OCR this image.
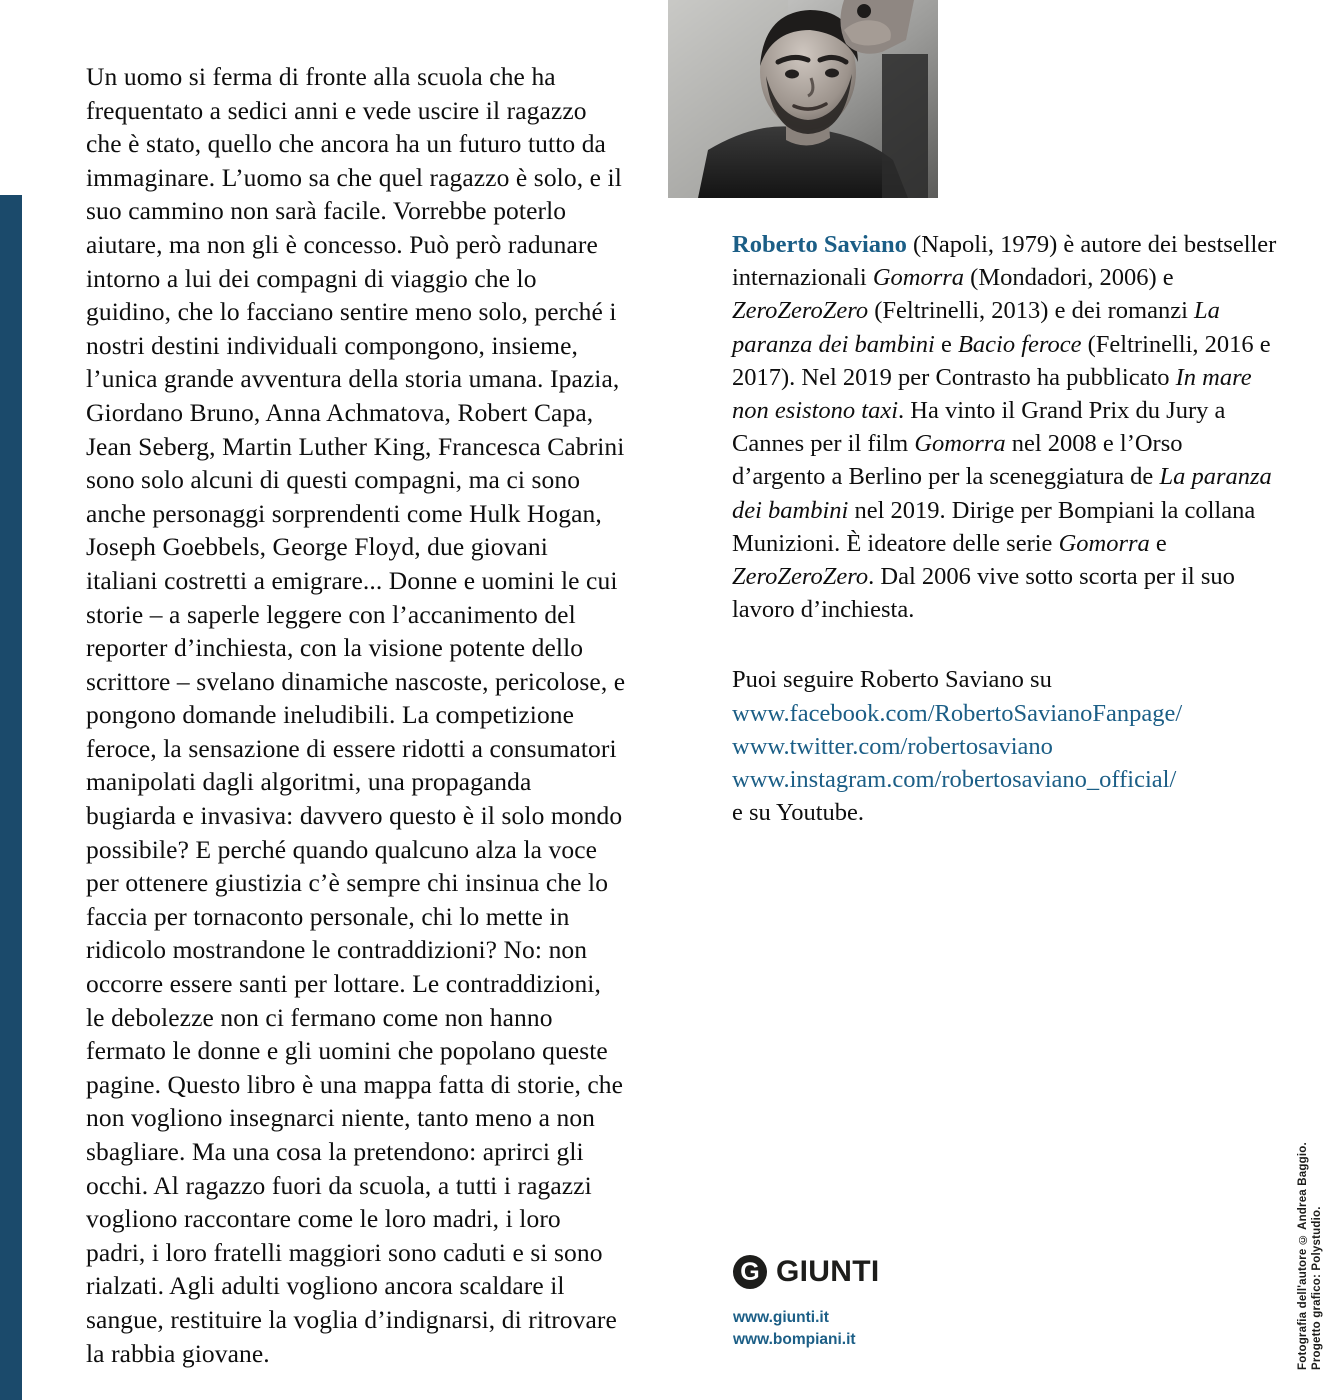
Un uomo si ferma di fronte alla scuola che ha frequentato a sedici anni e vede uscire il ragazzo che è stato, quello che ancora ha un futuro tutto da immaginare. L’uomo sa che quel ragazzo è solo, e il suo cammino non sarà facile. Vorrebbe poterlo aiutare, ma non gli è concesso. Può però radunare intorno a lui dei compagni di viaggio che lo guidino, che lo facciano sentire meno solo, perché i nostri destini individuali compongono, insieme, l’unica grande avventura della storia umana. Ipazia, Giordano Bruno, Anna Achmatova, Robert Capa, Jean Seberg, Martin Luther King, Francesca Cabrini sono solo alcuni di questi compagni, ma ci sono anche personaggi sorprendenti come Hulk Hogan, Joseph Goebbels, George Floyd, due giovani italiani costretti a emigrare... Donne e uomini le cui storie – a saperle leggere con l’accanimento del reporter d’inchiesta, con la visione potente dello scrittore – svelano dinamiche nascoste, pericolose, e pongono domande ineludibili. La competizione feroce, la sensazione di essere ridotti a consumatori manipolati dagli algoritmi, una propaganda bugiarda e invasiva: davvero questo è il solo mondo possibile? E perché quando qualcuno alza la voce per ottenere giustizia c’è sempre chi insinua che lo faccia per tornaconto personale, chi lo mette in ridicolo mostrandone le contraddizioni? No: non occorre essere santi per lottare. Le contraddizioni, le debolezze non ci fermano come non hanno fermato le donne e gli uomini che popolano queste pagine. Questo libro è una mappa fatta di storie, che non vogliono insegnarci niente, tanto meno a non sbagliare. Ma una cosa la pretendono: aprirci gli occhi. Al ragazzo fuori da scuola, a tutti i ragazzi vogliono raccontare come le loro madri, i loro padri, i loro fratelli maggiori sono caduti e si sono rialzati. Agli adulti vogliono ancora scaldare il sangue, restituire la voglia d’indignarsi, di ritrovare la rabbia giovane.

Roberto Saviano (Napoli, 1979) è autore dei bestseller internazionali Gomorra (Mondadori, 2006) e ZeroZeroZero (Feltrinelli, 2013) e dei romanzi La paranza dei bambini e Bacio feroce (Feltrinelli, 2016 e 2017). Nel 2019 per Contrasto ha pubblicato In mare non esistono taxi. Ha vinto il Grand Prix du Jury a Cannes per il film Gomorra nel 2008 e l’Orso d’argento a Berlino per la sceneggiatura de La paranza dei bambini nel 2019. Dirige per Bompiani la collana Munizioni. È ideatore delle serie Gomorra e ZeroZeroZero. Dal 2006 vive sotto scorta per il suo lavoro d’inchiesta.

Puoi seguire Roberto Saviano su

www.facebook.com/RobertoSavianoFanpage/
www.twitter.com/robertosaviano
www.instagram.com/robertosaviano_official/

e su Youtube.

G GIUNTI
www.giunti.it
www.bompiani.it	Fotografia dell'autore © Andrea Baggio. Progetto grafico: Polystudio.
